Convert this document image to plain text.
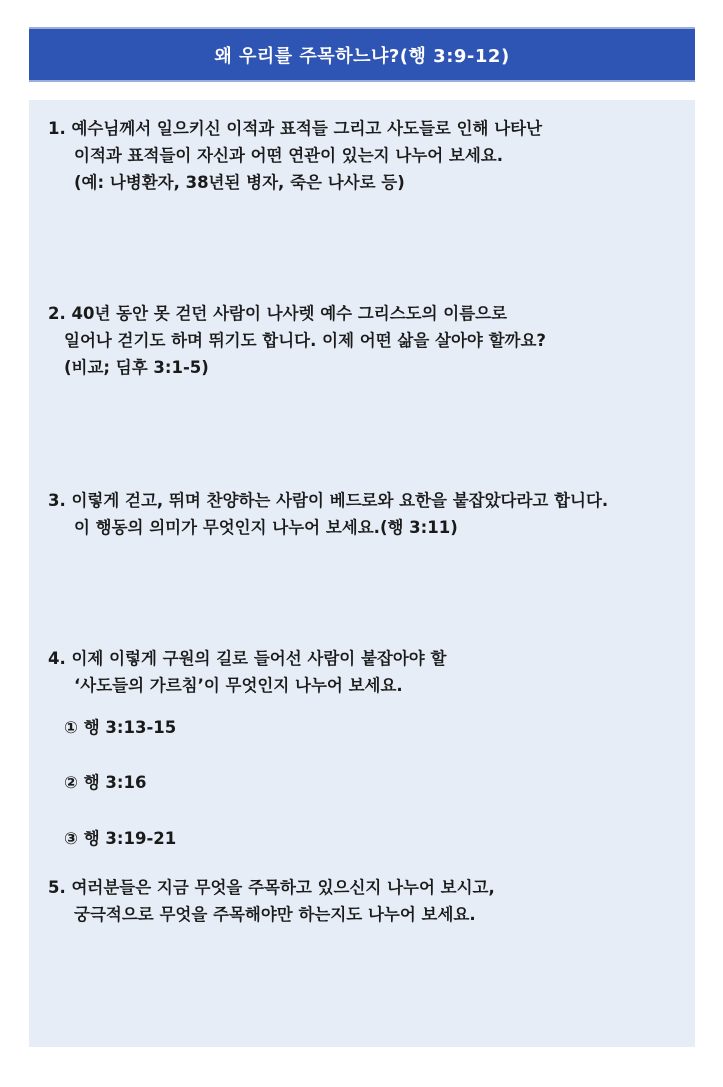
왜 우리를 주목하느냐?(행 3:9-12)
1. 예수님께서 일으키신 이적과 표적들 그리고 사도들로 인해 나타난
이적과 표적들이 자신과 어떤 연관이 있는지 나누어 보세요.
(예: 나병환자, 38년된 병자, 죽은 나사로 등)
2. 40년 동안 못 걷던 사람이 나사렛 예수 그리스도의 이름으로
일어나 걷기도 하며 뛰기도 합니다. 이제 어떤 삶을 살아야 할까요?
(비교; 딤후 3:1-5)
3. 이렇게 걷고, 뛰며 찬양하는 사람이 베드로와 요한을 붙잡았다라고 합니다.
이 행동의 의미가 무엇인지 나누어 보세요.(행 3:11)
4. 이제 이렇게 구원의 길로 들어선 사람이 붙잡아야 할
‘사도들의 가르침’이 무엇인지 나누어 보세요.
① 행 3:13-15
② 행 3:16
③ 행 3:19-21
5. 여러분들은 지금 무엇을 주목하고 있으신지 나누어 보시고,
궁극적으로 무엇을 주목해야만 하는지도 나누어 보세요.
